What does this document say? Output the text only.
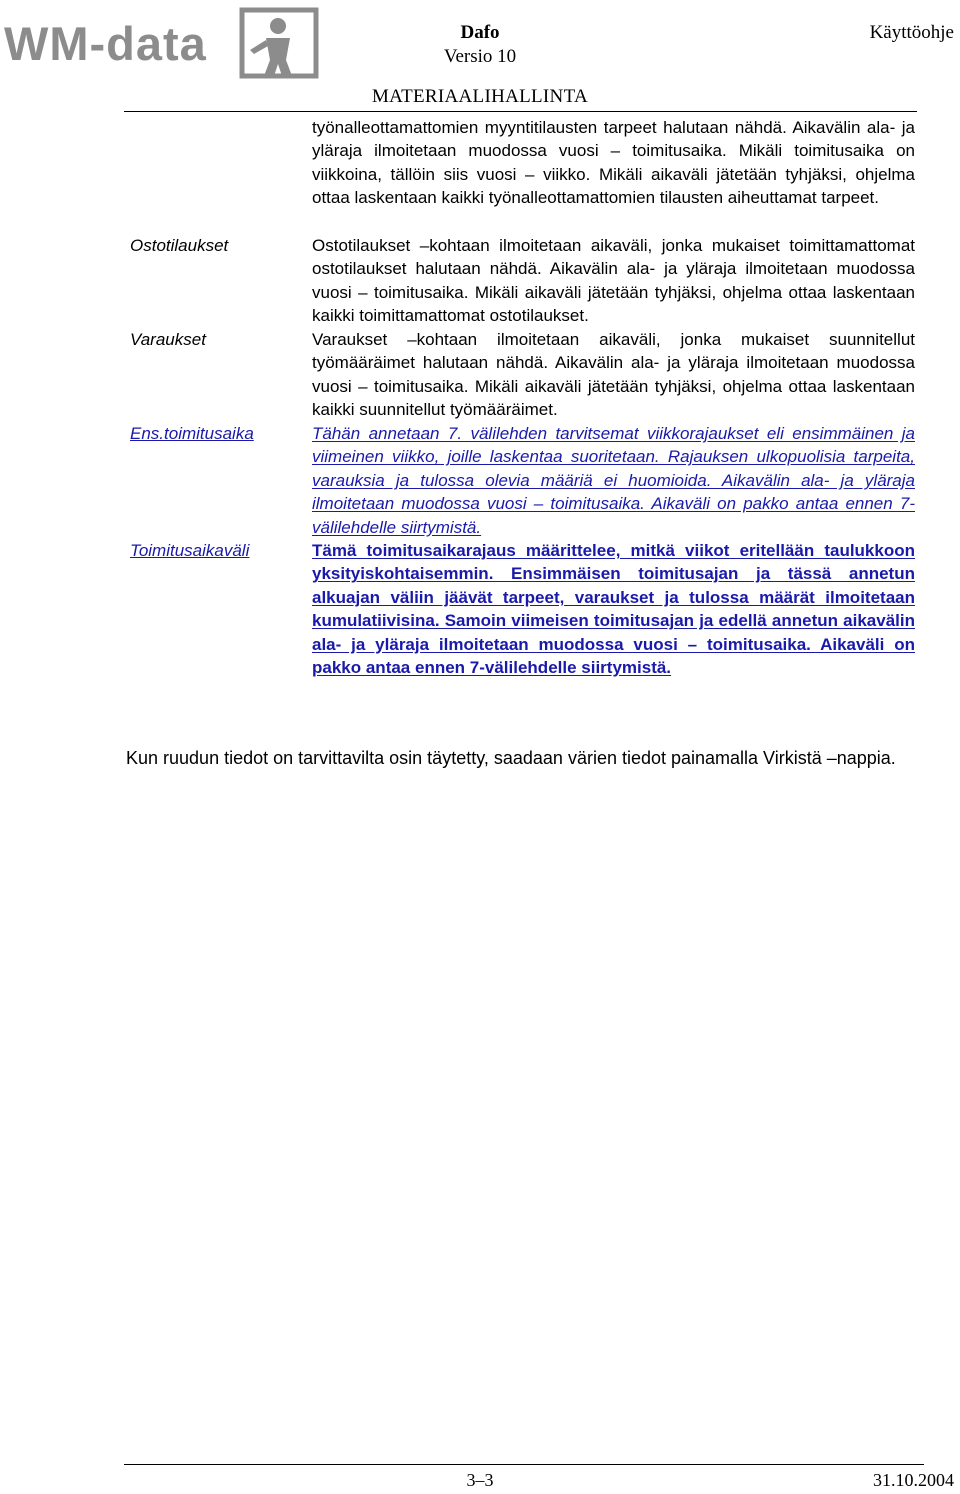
WM-data	Dafo
Versio 10
Käyttöohje
MATERIAALIHALLINTA
työnalleottamattomien myyntitilausten tarpeet halutaan nähdä. Aikavälin ala- ja yläraja ilmoitetaan muodossa vuosi – toimitusaika. Mikäli toimitusaika on viikkoina, tällöin siis vuosi – viikko. Mikäli aikaväli jätetään tyhjäksi, ohjelma ottaa laskentaan kaikki työnalleottamattomien tilausten aiheuttamat tarpeet.
Ostotilaukset	Ostotilaukset –kohtaan ilmoitetaan aikaväli, jonka mukaiset toimittamattomat ostotilaukset halutaan nähdä. Aikavälin ala- ja yläraja ilmoitetaan muodossa vuosi – toimitusaika. Mikäli aikaväli jätetään tyhjäksi, ohjelma ottaa laskentaan kaikki toimittamattomat ostotilaukset.
Varaukset	Varaukset –kohtaan ilmoitetaan aikaväli, jonka mukaiset suunnitellut työmääräimet halutaan nähdä. Aikavälin ala- ja yläraja ilmoitetaan muodossa vuosi – toimitusaika. Mikäli aikaväli jätetään tyhjäksi, ohjelma ottaa laskentaan kaikki suunnitellut työmääräimet.
Ens.toimitusaika	Tähän annetaan 7. välilehden tarvitsemat viikkorajaukset eli ensimmäinen ja viimeinen viikko, joille laskentaa suoritetaan. Rajauksen ulkopuolisia tarpeita, varauksia ja tulossa olevia määriä ei huomioida. Aikavälin ala- ja yläraja ilmoitetaan muodossa vuosi – toimitusaika. Aikaväli on pakko antaa ennen 7-välilehdelle siirtymistä.
Toimitusaikaväli	Tämä toimitusaikarajaus määrittelee, mitkä viikot eritellään taulukkoon yksityiskohtaisemmin. Ensimmäisen toimitusajan ja tässä annetun alkuajan väliin jäävät tarpeet, varaukset ja tulossa määrät ilmoitetaan kumulatiivisina. Samoin viimeisen toimitusajan ja edellä annetun aikavälin ala- ja yläraja ilmoitetaan muodossa vuosi – toimitusaika. Aikaväli on pakko antaa ennen 7-välilehdelle siirtymistä.
Kun ruudun tiedot on tarvittavilta osin täytetty, saadaan värien tiedot painamalla Virkistä –nappia.
3–3	31.10.2004
